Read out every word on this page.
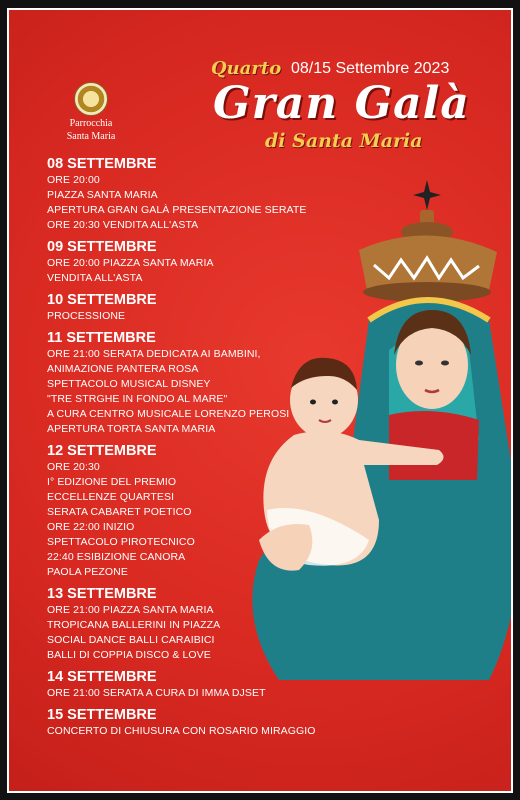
Parrocchia
Santa Maria
Quarto 08/15 Settembre 2023
Gran Galà
di Santa Maria
08 SETTEMBRE
ORE 20:00
PIAZZA SANTA MARIA
APERTURA GRAN GALÀ PRESENTAZIONE SERATE
ORE 20:30 VENDITA ALL'ASTA
09 SETTEMBRE
ORE 20:00 PIAZZA SANTA MARIA
VENDITA ALL'ASTA
10 SETTEMBRE
PROCESSIONE
11 SETTEMBRE
ORE 21:00 SERATA DEDICATA AI BAMBINI,
ANIMAZIONE PANTERA ROSA
SPETTACOLO MUSICAL DISNEY
"TRE STRGHE IN FONDO AL MARE"
A CURA CENTRO MUSICALE LORENZO PEROSI
APERTURA TORTA SANTA MARIA
12 SETTEMBRE
ORE 20:30
I° EDIZIONE DEL PREMIO
ECCELLENZE QUARTESI
SERATA CABARET POETICO
ORE 22:00 INIZIO
SPETTACOLO PIROTECNICO
22:40 ESIBIZIONE CANORA
PAOLA PEZONE
13 SETTEMBRE
ORE 21:00 PIAZZA SANTA MARIA
TROPICANA BALLERINI IN PIAZZA
SOCIAL DANCE BALLI CARAIBICI
BALLI DI COPPIA DISCO & LOVE
14 SETTEMBRE
ORE 21:00 SERATA A CURA DI IMMA DJSET
15 SETTEMBRE
CONCERTO DI CHIUSURA CON ROSARIO MIRAGGIO
